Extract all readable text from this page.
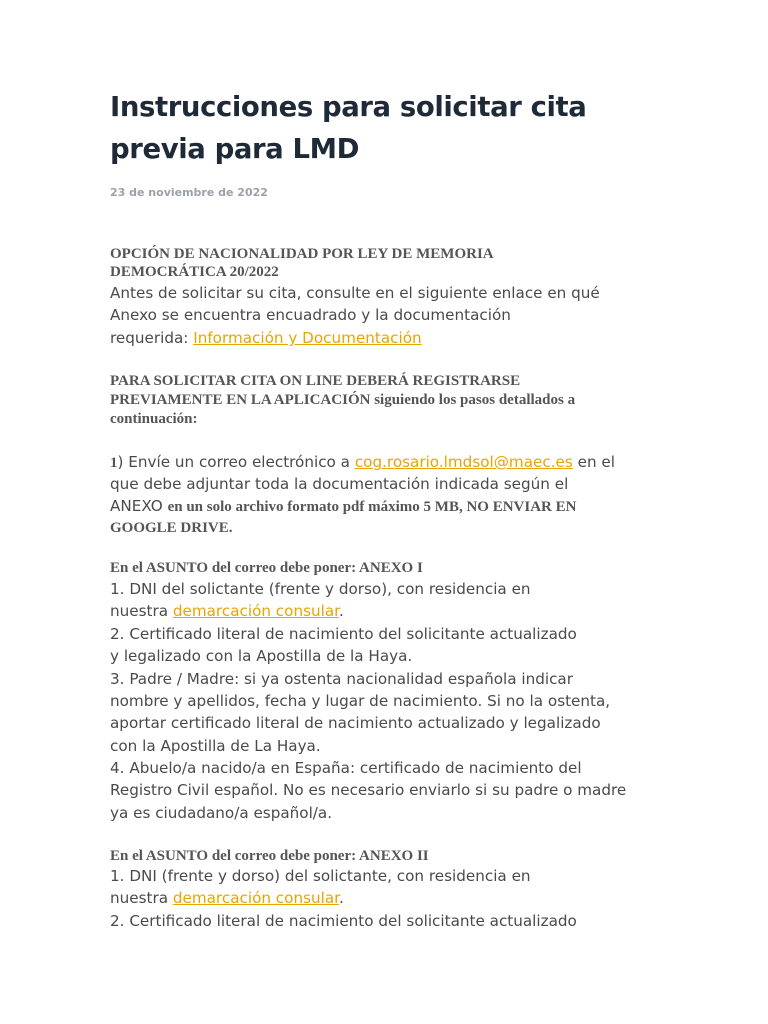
Instrucciones para solicitar cita
previa para LMD
23 de noviembre de 2022
OPCIÓN DE NACIONALIDAD POR LEY DE MEMORIA
DEMOCRÁTICA 20/2022
Antes de solicitar su cita, consulte en el siguiente enlace en qué
Anexo se encuentra encuadrado y la documentación
requerida: Información y Documentación
PARA SOLICITAR CITA ON LINE DEBERÁ REGISTRARSE
PREVIAMENTE EN LA APLICACIÓN siguiendo los pasos detallados a
continuación:
1) Envíe un correo electrónico a cog.rosario.lmdsol@maec.es en el
que debe adjuntar toda la documentación indicada según el
ANEXO en un solo archivo formato pdf máximo 5 MB, NO ENVIAR EN
GOOGLE DRIVE.
En el ASUNTO del correo debe poner: ANEXO I
1. DNI del solictante (frente y dorso), con residencia en
nuestra demarcación consular.
2. Certificado literal de nacimiento del solicitante actualizado
y legalizado con la Apostilla de la Haya.
3. Padre / Madre: si ya ostenta nacionalidad española indicar
nombre y apellidos, fecha y lugar de nacimiento. Si no la ostenta,
aportar certificado literal de nacimiento actualizado y legalizado
con la Apostilla de La Haya.
4. Abuelo/a nacido/a en España: certificado de nacimiento del
Registro Civil español. No es necesario enviarlo si su padre o madre
ya es ciudadano/a español/a.
En el ASUNTO del correo debe poner: ANEXO II
1. DNI (frente y dorso) del solictante, con residencia en
nuestra demarcación consular.
2. Certificado literal de nacimiento del solicitante actualizado
